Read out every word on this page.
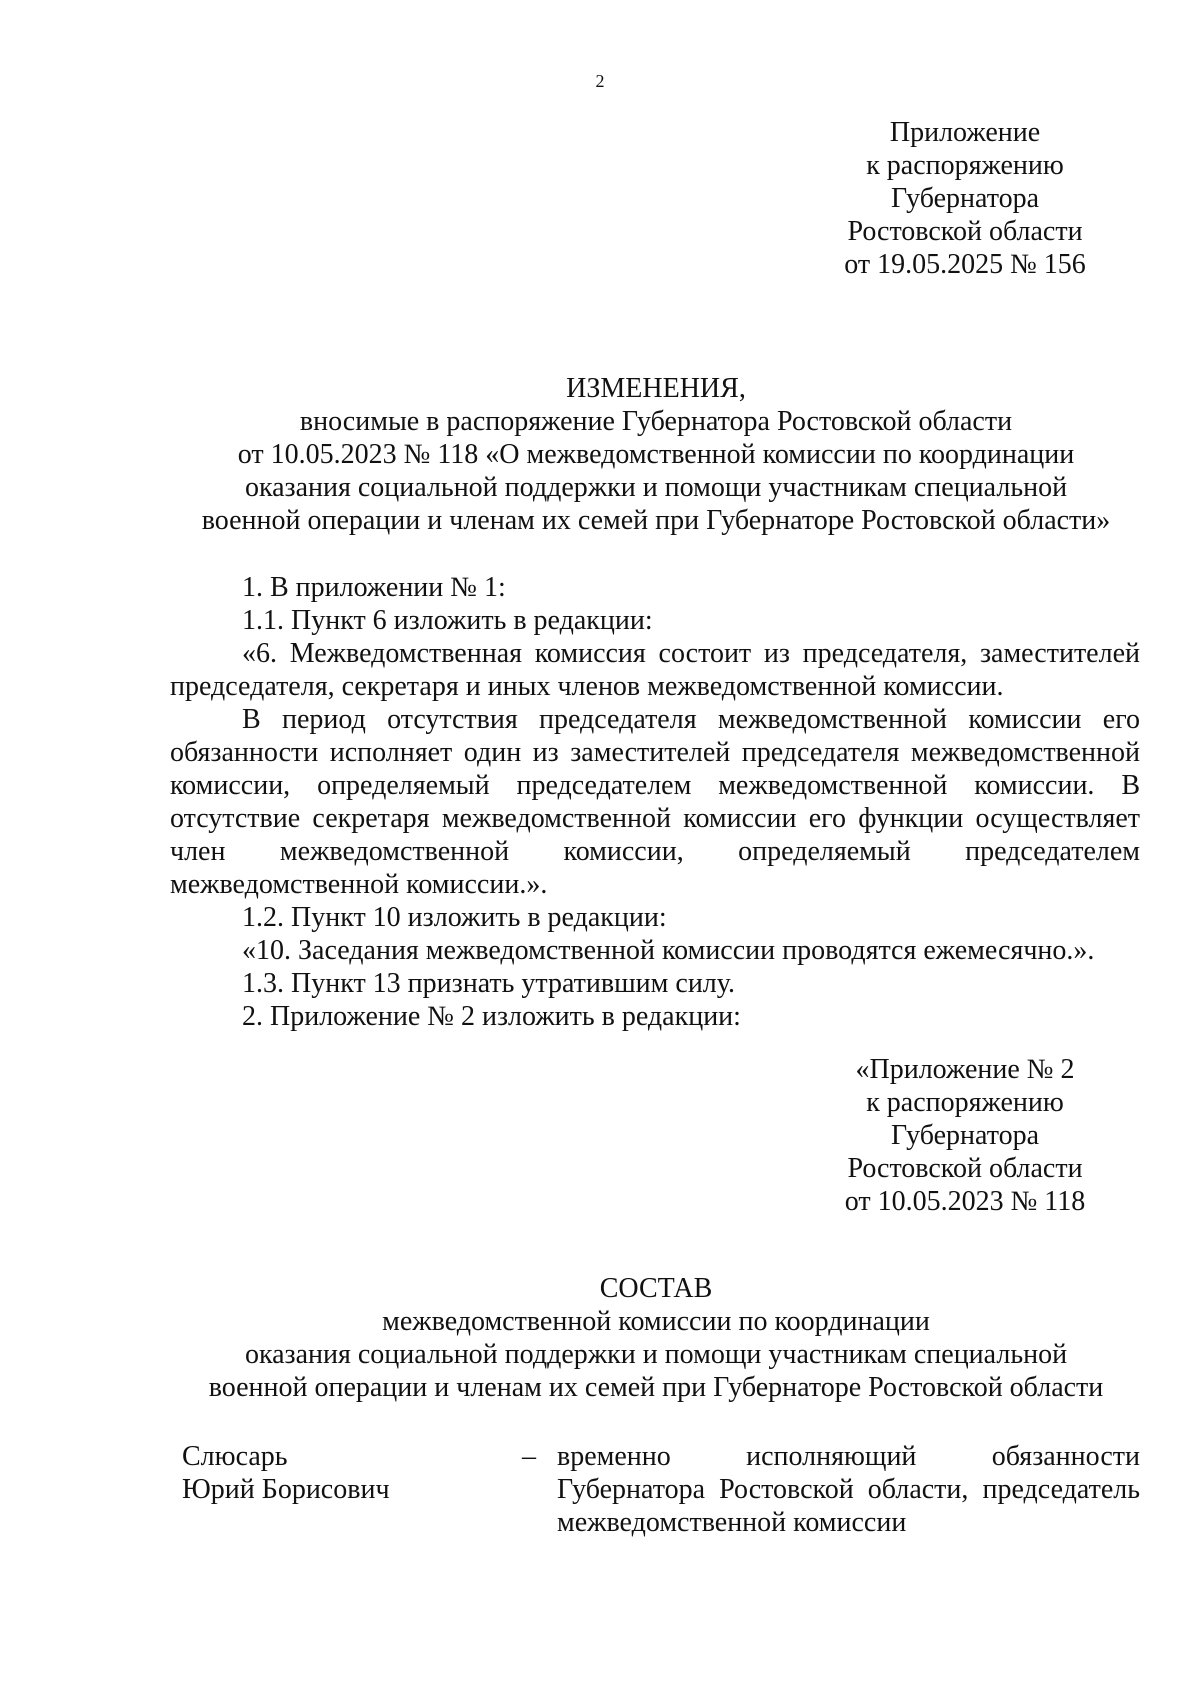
2
Приложение
к распоряжению
Губернатора
Ростовской области
от 19.05.2025 № 156
ИЗМЕНЕНИЯ,
вносимые в распоряжение Губернатора Ростовской области
от 10.05.2023 № 118 «О межведомственной комиссии по координации
оказания социальной поддержки и помощи участникам специальной
военной операции и членам их семей при Губернаторе Ростовской области»

1. В приложении № 1:

1.1. Пункт 6 изложить в редакции:

«6. Межведомственная комиссия состоит из председателя, заместителей председателя, секретаря и иных членов межведомственной комиссии.

В период отсутствия председателя межведомственной комиссии его обязанности исполняет один из заместителей председателя межведомственной комиссии, определяемый председателем межведомственной комиссии. В отсутствие секретаря межведомственной комиссии его функции осуществляет член межведомственной комиссии, определяемый председателем межведомственной комиссии.».

1.2. Пункт 10 изложить в редакции:

«10. Заседания межведомственной комиссии проводятся ежемесячно.».

1.3. Пункт 13 признать утратившим силу.

2. Приложение № 2 изложить в редакции:

«Приложение № 2
к распоряжению
Губернатора
Ростовской области
от 10.05.2023 № 118
СОСТАВ
межведомственной комиссии по координации
оказания социальной поддержки и помощи участникам специальной
военной операции и членам их семей при Губернаторе Ростовской области
Слюсарь
Юрий Борисович
– временно исполняющий обязанности Губернатора Ростовской области, председатель межведомственной комиссии
